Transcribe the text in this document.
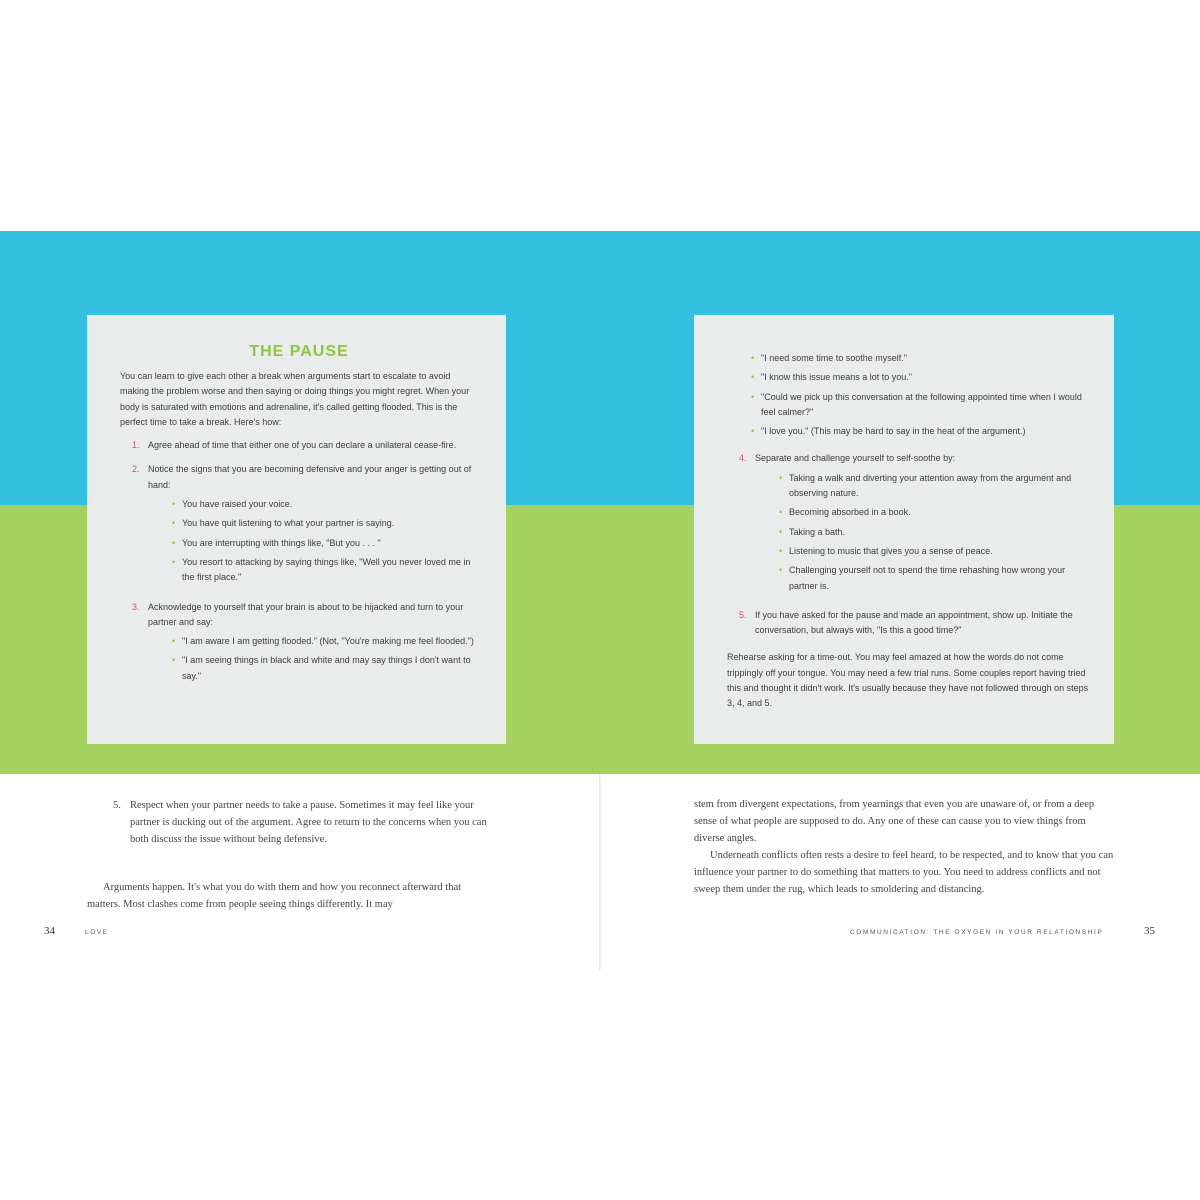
THE PAUSE

You can learn to give each other a break when arguments start to escalate to avoid making the problem worse and then saying or doing things you might regret. When your body is saturated with emotions and adrenaline, it's called getting flooded. This is the perfect time to take a break. Here's how:

1. Agree ahead of time that either one of you can declare a unilateral cease-fire.
2. Notice the signs that you are becoming defensive and your anger is getting out of hand:
• You have raised your voice.
• You have quit listening to what your partner is saying.
• You are interrupting with things like, "But you . . . "
• You resort to attacking by saying things like, "Well you never loved me in the first place."
3. Acknowledge to yourself that your brain is about to be hijacked and turn to your partner and say:
• "I am aware I am getting flooded." (Not, "You're making me feel flooded.")
• "I am seeing things in black and white and may say things I don't want to say."
• "I need some time to soothe myself."
• "I know this issue means a lot to you."
• "Could we pick up this conversation at the following appointed time when I would feel calmer?"
• "I love you." (This may be hard to say in the heat of the argument.)
4. Separate and challenge yourself to self-soothe by:
• Taking a walk and diverting your attention away from the argument and observing nature.
• Becoming absorbed in a book.
• Taking a bath.
• Listening to music that gives you a sense of peace.
• Challenging yourself not to spend the time rehashing how wrong your partner is.
5. If you have asked for the pause and made an appointment, show up. Initiate the conversation, but always with, "Is this a good time?"

Rehearse asking for a time-out. You may feel amazed at how the words do not come trippingly off your tongue. You may need a few trial runs. Some couples report having tried this and thought it didn't work. It's usually because they have not followed through on steps 3, 4, and 5.

5. Respect when your partner needs to take a pause. Sometimes it may feel like your partner is ducking out of the argument. Agree to return to the concerns when you can both discuss the issue without being defensive.

Arguments happen. It's what you do with them and how you reconnect afterward that matters. Most clashes come from people seeing things differently. It may

34	LOVE

stem from divergent expectations, from yearnings that even you are unaware of, or from a deep sense of what people are supposed to do. Any one of these can cause you to view things from diverse angles.

Underneath conflicts often rests a desire to feel heard, to be respected, and to know that you can influence your partner to do something that matters to you. You need to address conflicts and not sweep them under the rug, which leads to smoldering and distancing.

COMMUNICATION: THE OXYGEN IN YOUR RELATIONSHIP	35
